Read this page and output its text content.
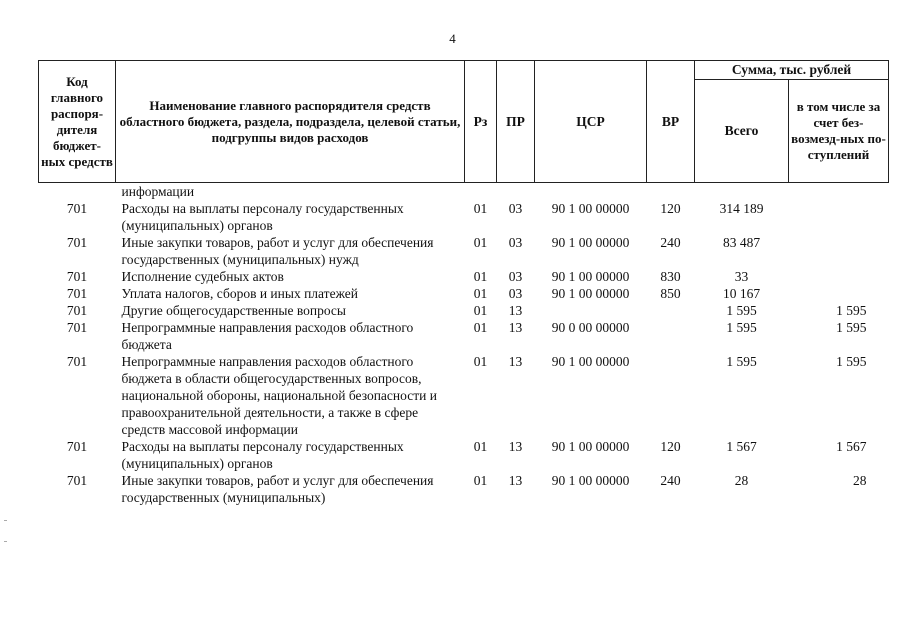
4
Код главного распоря-дителя бюджет-ных средств	Наименование главного распорядителя средств областного бюджета, раздела, подраздела, целевой статьи, подгруппы видов расходов	Рз	ПР	ЦСР	ВР	Сумма, тыс. рублей	
						Всего	в том числе за счет без-возмезд-ных по-ступлений
	информации						
701	Расходы на выплаты персоналу государственных (муниципальных) органов	01	03	90 1 00 00000	120	314 189	
701	Иные закупки товаров, работ и услуг для обеспечения государственных (муниципальных) нужд	01	03	90 1 00 00000	240	83 487	
701	Исполнение судебных актов	01	03	90 1 00 00000	830	33	
701	Уплата налогов, сборов и иных платежей	01	03	90 1 00 00000	850	10 167	
701	Другие общегосударственные вопросы	01	13			1 595	1 595
701	Непрограммные направления расходов областного бюджета	01	13	90 0 00 00000		1 595	1 595
701	Непрограммные направления расходов областного бюджета в области общегосударственных вопросов, национальной обороны, национальной безопасности и правоохранительной деятельности, а также в сфере средств массовой информации	01	13	90 1 00 00000		1 595	1 595
701	Расходы на выплаты персоналу государственных (муниципальных) органов	01	13	90 1 00 00000	120	1 567	1 567
701	Иные закупки товаров, работ и услуг для обеспечения государственных (муниципальных)	01	13	90 1 00 00000	240	28	28
